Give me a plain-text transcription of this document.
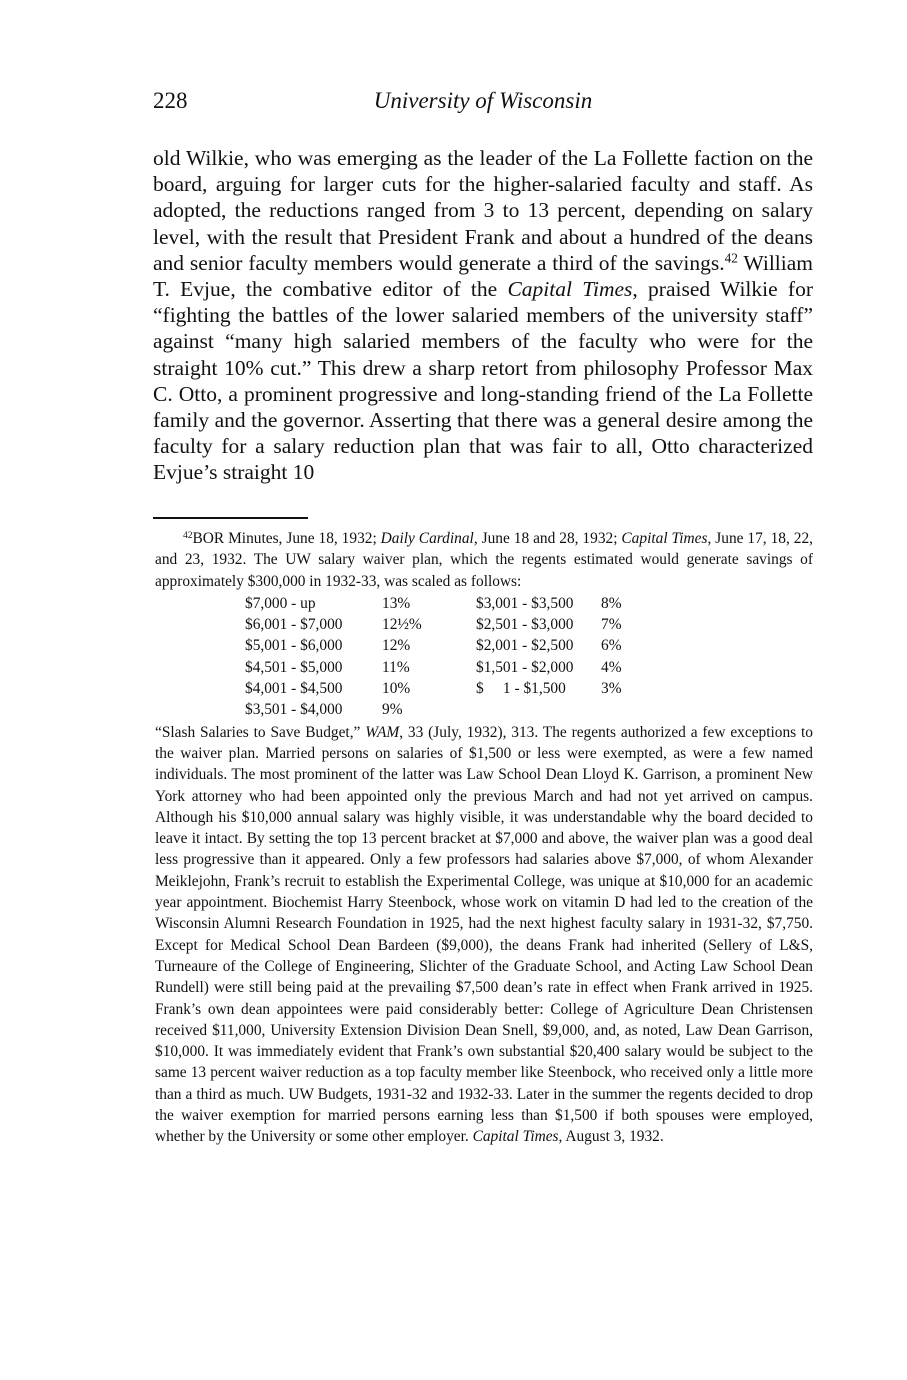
228	University of Wisconsin
old Wilkie, who was emerging as the leader of the La Follette faction on the board, arguing for larger cuts for the higher-salaried faculty and staff. As adopted, the reductions ranged from 3 to 13 percent, depending on salary level, with the result that President Frank and about a hundred of the deans and senior faculty members would generate a third of the savings.$^{42}$ William T. Evjue, the combative editor of the Capital Times, praised Wilkie for “fighting the battles of the lower salaried members of the university staff” against “many high salaried members of the faculty who were for the straight 10% cut.” This drew a sharp retort from philosophy Professor Max C. Otto, a prominent progressive and long-standing friend of the La Follette family and the governor. Asserting that there was a general desire among the faculty for a salary reduction plan that was fair to all, Otto characterized Evjue’s straight 10

$^{42}$BOR Minutes, June 18, 1932; Daily Cardinal, June 18 and 28, 1932; Capital Times, June 17, 18, 22, and 23, 1932. The UW salary waiver plan, which the regents estimated would generate savings of approximately $300,000 in 1932-33, was scaled as follows:

$7,000 - up	13%	$3,001 - $3,500	8%
$6,001 - $7,000	12½%	$2,501 - $3,000	7%
$5,001 - $6,000	12%	$2,001 - $2,500	6%
$4,501 - $5,000	11%	$1,501 - $2,000	4%
$4,001 - $4,500	10%	$     1 - $1,500	3%
$3,501 - $4,000	9%		

“Slash Salaries to Save Budget,” WAM, 33 (July, 1932), 313. The regents authorized a few exceptions to the waiver plan. Married persons on salaries of $1,500 or less were exempted, as were a few named individuals. The most prominent of the latter was Law School Dean Lloyd K. Garrison, a prominent New York attorney who had been appointed only the previous March and had not yet arrived on campus. Although his $10,000 annual salary was highly visible, it was understandable why the board decided to leave it intact. By setting the top 13 percent bracket at $7,000 and above, the waiver plan was a good deal less progressive than it appeared. Only a few professors had salaries above $7,000, of whom Alexander Meiklejohn, Frank’s recruit to establish the Experimental College, was unique at $10,000 for an academic year appointment. Biochemist Harry Steenbock, whose work on vitamin D had led to the creation of the Wisconsin Alumni Research Foundation in 1925, had the next highest faculty salary in 1931-32, $7,750. Except for Medical School Dean Bardeen ($9,000), the deans Frank had inherited (Sellery of L&S, Turneaure of the College of Engineering, Slichter of the Graduate School, and Acting Law School Dean Rundell) were still being paid at the prevailing $7,500 dean’s rate in effect when Frank arrived in 1925. Frank’s own dean appointees were paid considerably better: College of Agriculture Dean Christensen received $11,000, University Extension Division Dean Snell, $9,000, and, as noted, Law Dean Garrison, $10,000. It was immediately evident that Frank’s own substantial $20,400 salary would be subject to the same 13 percent waiver reduction as a top faculty member like Steenbock, who received only a little more than a third as much. UW Budgets, 1931-32 and 1932-33. Later in the summer the regents decided to drop the waiver exemption for married persons earning less than $1,500 if both spouses were employed, whether by the University or some other employer. Capital Times, August 3, 1932.
